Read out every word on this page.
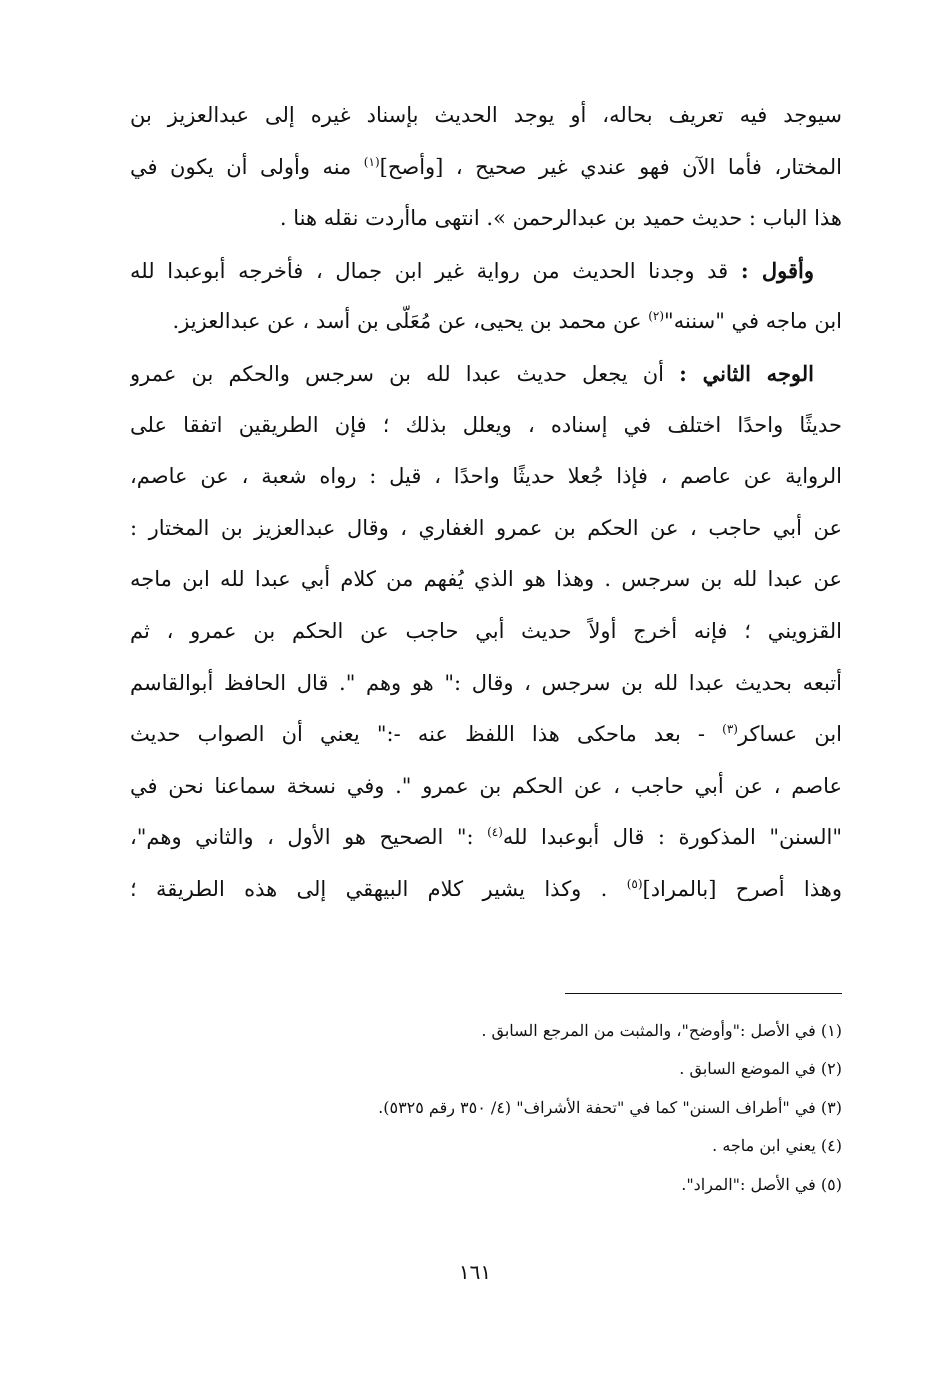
سيوجد فيه تعريف بحاله، أو يوجد الحديث بإسناد غيره إلى عبدالعزيز بن
المختار، فأما الآن فهو عندي غير صحيح ، [وأصح]$^{(١)}$ منه وأولى أن يكون في
هذا الباب : حديث حميد بن عبدالرحمن ». انتهى ماأردت نقله هنا .
وأقول : قد وجدنا الحديث من رواية غير ابن جمال ، فأخرجه أبوعبدا لله
ابن ماجه في "سننه"$^{(٢)}$ عن محمد بن يحيى، عن مُعَلّى بن أسد ، عن عبدالعزيز.
الوجه الثاني : أن يجعل حديث عبدا لله بن سرجس والحكم بن عمرو
حديثًا واحدًا اختلف في إسناده ، ويعلل بذلك ؛ فإن الطريقين اتفقا على
الرواية عن عاصم ، فإذا جُعلا حديثًا واحدًا ، قيل : رواه شعبة ، عن عاصم،
عن أبي حاجب ، عن الحكم بن عمرو الغفاري ، وقال عبدالعزيز بن المختار :
عن عبدا لله بن سرجس . وهذا هو الذي يُفهم من كلام أبي عبدا لله ابن ماجه
القزويني ؛ فإنه أخرج أولاً حديث أبي حاجب عن الحكم بن عمرو ، ثم
أتبعه بحديث عبدا لله بن سرجس ، وقال :" هو وهم ". قال الحافظ أبوالقاسم
ابن عساكر$^{(٣)}$ - بعد ماحكى هذا اللفظ عنه -:" يعني أن الصواب حديث
عاصم ، عن أبي حاجب ، عن الحكم بن عمرو ". وفي نسخة سماعنا نحن في
"السنن" المذكورة : قال أبوعبدا لله$^{(٤)}$ :" الصحيح هو الأول ، والثاني وهم"،
وهذا أصرح [بالمراد]$^{(٥)}$ . وكذا يشير كلام البيهقي إلى هذه الطريقة ؛
(١) في الأصل :"وأوضح"، والمثبت من المرجع السابق .
(٢) في الموضع السابق .
(٣) في "أطراف السنن" كما في "تحفة الأشراف" (٤/ ٣٥٠ رقم ٥٣٢٥).
(٤) يعني ابن ماجه .
(٥) في الأصل :"المراد".
١٦١
